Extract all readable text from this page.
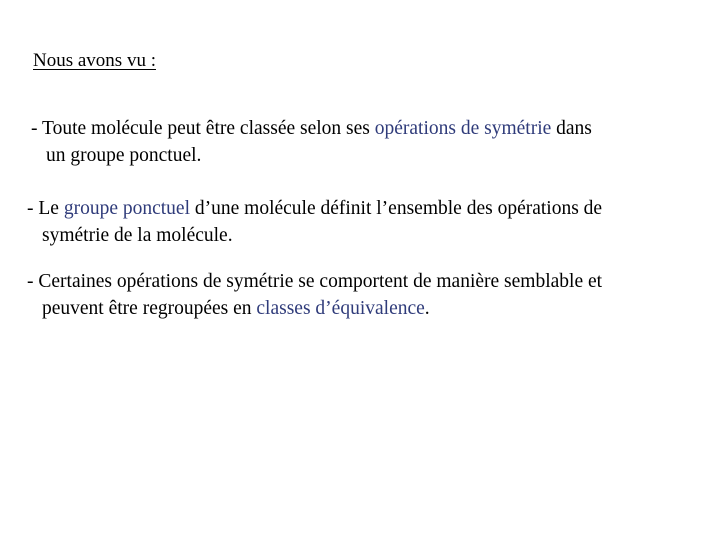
Nous avons vu :
- Toute molécule peut être classée selon ses opérations de symétrie dans
un groupe ponctuel.
- Le groupe ponctuel d’une molécule définit l’ensemble des opérations de
symétrie de la molécule.
- Certaines opérations de symétrie se comportent de manière semblable et
peuvent être regroupées en classes d’équivalence.
